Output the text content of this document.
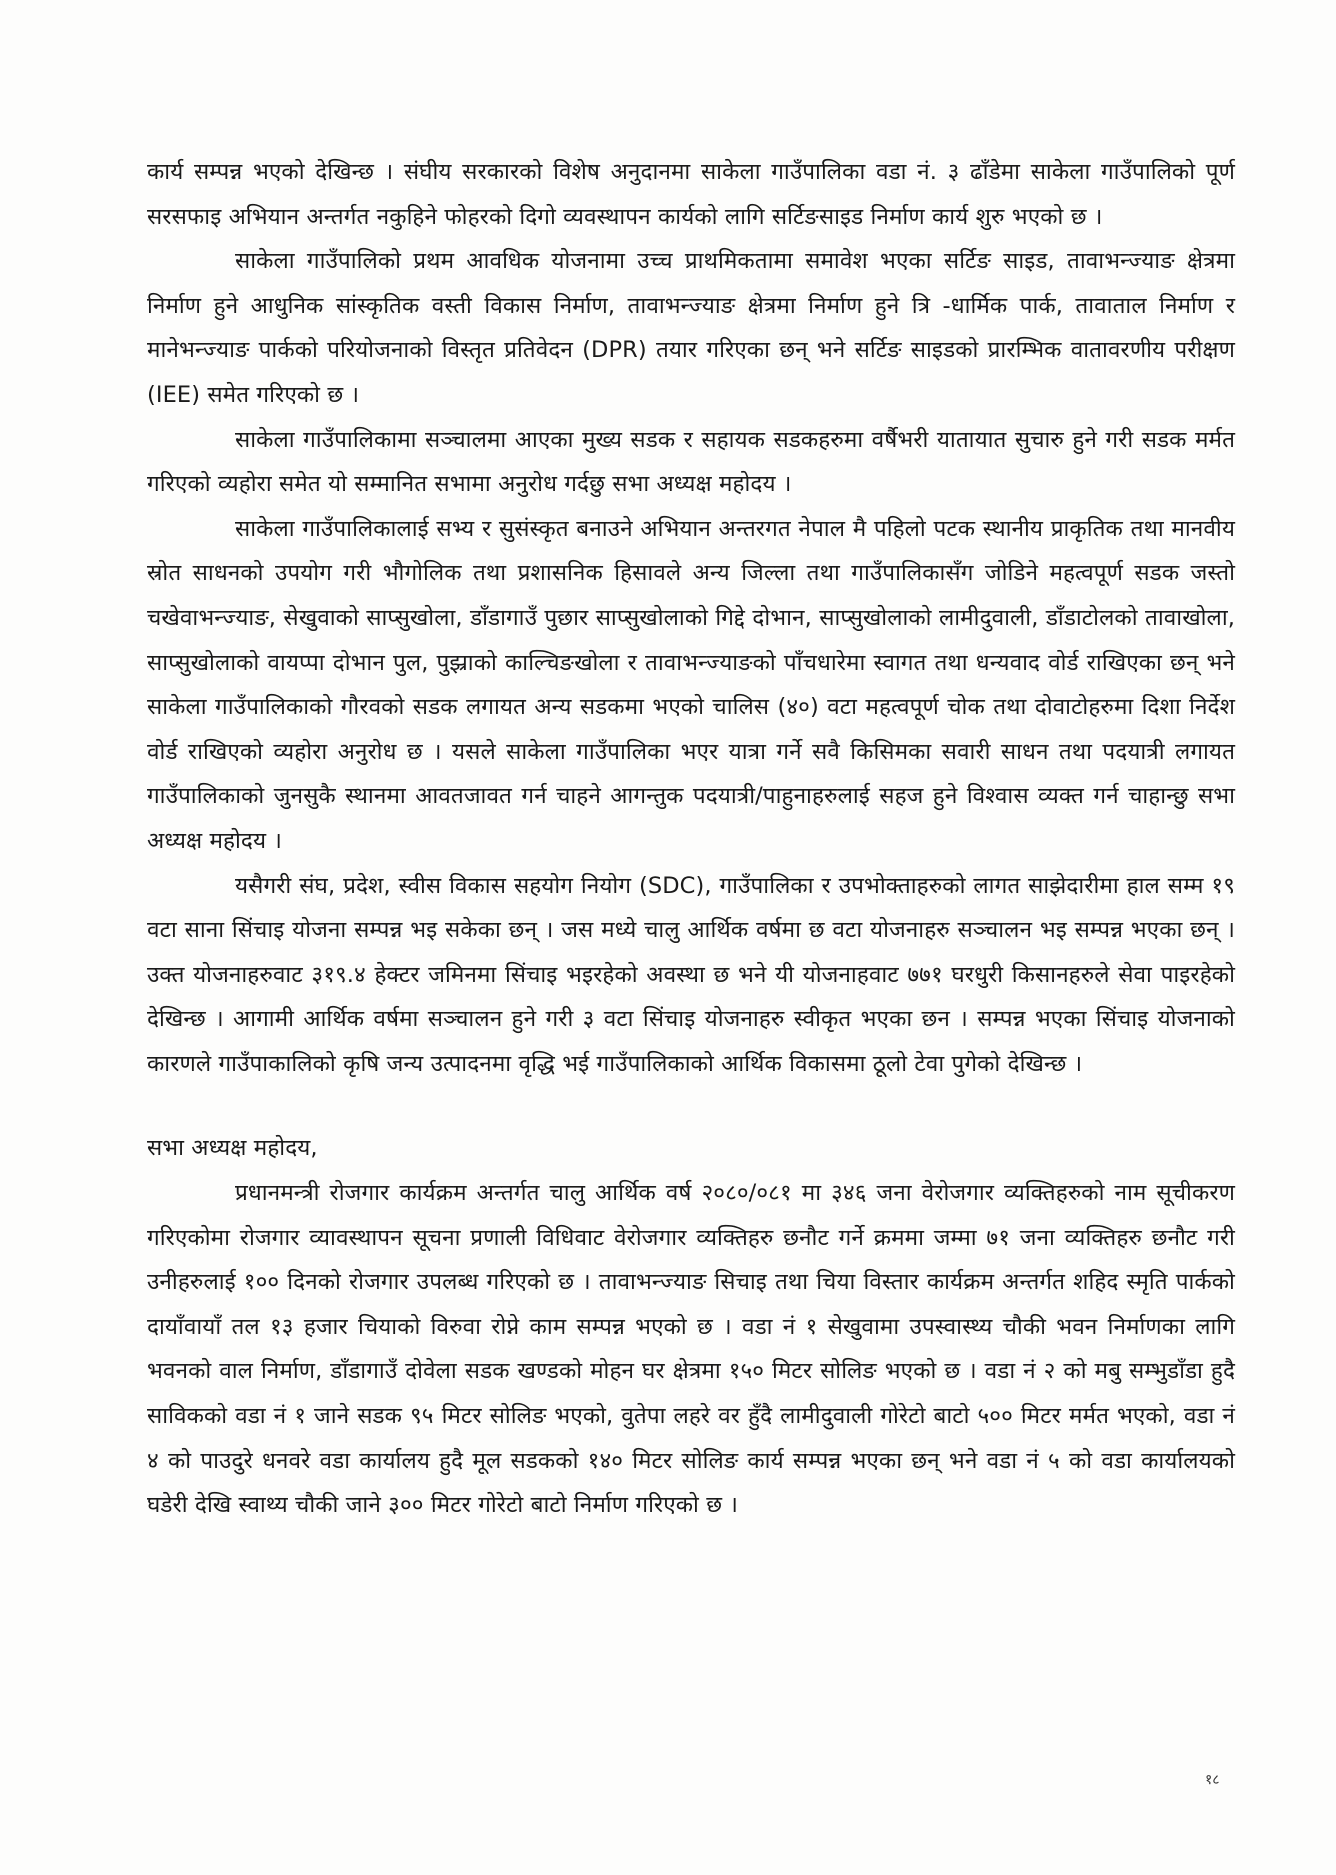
कार्य सम्पन्न भएको देखिन्छ । संघीय सरकारको विशेष अनुदानमा साकेला गाउँपालिका वडा नं. ३ ढाँडेमा साकेला गाउँपालिको पूर्ण सरसफाइ अभियान अन्तर्गत नकुहिने फोहरको दिगो व्यवस्थापन कार्यको लागि सर्टिङसाइड निर्माण कार्य शुरु भएको छ ।

साकेला गाउँपालिको प्रथम आवधिक योजनामा उच्च प्राथमिकतामा समावेश भएका सर्टिङ साइड, तावाभन्ज्याङ क्षेत्रमा निर्माण हुने आधुनिक सांस्कृतिक वस्ती विकास निर्माण, तावाभन्ज्याङ क्षेत्रमा निर्माण हुने त्रि -धार्मिक पार्क, तावाताल निर्माण र मानेभन्ज्याङ पार्कको परियोजनाको विस्तृत प्रतिवेदन (DPR) तयार गरिएका छन् भने सर्टिङ साइडको प्रारम्भिक वातावरणीय परीक्षण (IEE) समेत गरिएको छ ।

साकेला गाउँपालिकामा सञ्चालमा आएका मुख्य सडक र सहायक सडकहरुमा वर्षैभरी यातायात सुचारु हुने गरी सडक मर्मत गरिएको व्यहोरा समेत यो सम्मानित सभामा अनुरोध गर्दछु सभा अध्यक्ष महोदय ।

साकेला गाउँपालिकालाई सभ्य र सुसंस्कृत बनाउने अभियान अन्तरगत नेपाल मै पहिलो पटक स्थानीय प्राकृतिक तथा मानवीय स्रोत साधनको उपयोग गरी भौगोलिक तथा प्रशासनिक हिसावले अन्य जिल्ला तथा गाउँपालिकासँग जोडिने महत्वपूर्ण सडक जस्तो चखेवाभन्ज्याङ, सेखुवाको साप्सुखोला, डाँडागाउँ पुछार साप्सुखोलाको गिद्दे दोभान, साप्सुखोलाको लामीदुवाली, डाँडाटोलको तावाखोला, साप्सुखोलाको वायप्पा दोभान पुल, पुझ्राको काल्चिङखोला र तावाभन्ज्याङको पाँचधारेमा स्वागत तथा धन्यवाद वोर्ड राखिएका छन् भने साकेला गाउँपालिकाको गौरवको सडक लगायत अन्य सडकमा भएको चालिस (४०) वटा महत्वपूर्ण चोक तथा दोवाटोहरुमा दिशा निर्देश वोर्ड राखिएको व्यहोरा अनुरोध छ । यसले साकेला गाउँपालिका भएर यात्रा गर्ने सवै किसिमका सवारी साधन तथा पदयात्री लगायत गाउँपालिकाको जुनसुकै स्थानमा आवतजावत गर्न चाहने आगन्तुक पदयात्री/पाहुनाहरुलाई सहज हुने विश्वास व्यक्त गर्न चाहान्छु सभा अध्यक्ष महोदय ।

यसैगरी संघ, प्रदेश, स्वीस विकास सहयोग नियोग (SDC), गाउँपालिका र उपभोक्ताहरुको लागत साझेदारीमा हाल सम्म १९ वटा साना सिंचाइ योजना सम्पन्न भइ सकेका छन् । जस मध्ये चालु आर्थिक वर्षमा छ वटा योजनाहरु सञ्चालन भइ सम्पन्न भएका छन् । उक्त योजनाहरुवाट ३१९.४ हेक्टर जमिनमा सिंचाइ भइरहेको अवस्था छ भने यी योजनाहवाट ७७१ घरधुरी किसानहरुले सेवा पाइरहेको देखिन्छ । आगामी आर्थिक वर्षमा सञ्चालन हुने गरी ३ वटा सिंचाइ योजनाहरु स्वीकृत भएका छन । सम्पन्न भएका सिंचाइ योजनाको कारणले गाउँपाकालिको कृषि जन्य उत्पादनमा वृद्धि भई गाउँपालिकाको आर्थिक विकासमा ठूलो टेवा पुगेको देखिन्छ ।

सभा अध्यक्ष महोदय,

प्रधानमन्त्री रोजगार कार्यक्रम अन्तर्गत चालु आर्थिक वर्ष २०८०/०८१ मा ३४६ जना वेरोजगार व्यक्तिहरुको नाम सूचीकरण गरिएकोमा रोजगार व्यावस्थापन सूचना प्रणाली विधिवाट वेरोजगार व्यक्तिहरु छनौट गर्ने क्रममा जम्मा ७१ जना व्यक्तिहरु छनौट गरी उनीहरुलाई १०० दिनको रोजगार उपलब्ध गरिएको छ । तावाभन्ज्याङ सिचाइ तथा चिया विस्तार कार्यक्रम अन्तर्गत शहिद स्मृति पार्कको दायाँवायाँ तल १३ हजार चियाको विरुवा रोप्ने काम सम्पन्न भएको छ । वडा नं १ सेखुवामा उपस्वास्थ्य चौकी भवन निर्माणका लागि भवनको वाल निर्माण, डाँडागाउँ दोवेला सडक खण्डको मोहन घर क्षेत्रमा १५० मिटर सोलिङ भएको छ । वडा नं २ को मबु सम्भुडाँडा हुदै साविकको वडा नं १ जाने सडक ९५ मिटर सोलिङ भएको, वुतेपा लहरे वर हुँदै लामीदुवाली गोरेटो बाटो ५०० मिटर मर्मत भएको, वडा नं ४ को पाउदुरे धनवरे वडा कार्यालय हुदै मूल सडकको १४० मिटर सोलिङ कार्य सम्पन्न भएका छन् भने वडा नं ५ को वडा कार्यालयको घडेरी देखि स्वाथ्य चौकी जाने ३०० मिटर गोरेटो बाटो निर्माण गरिएको छ ।

१८
